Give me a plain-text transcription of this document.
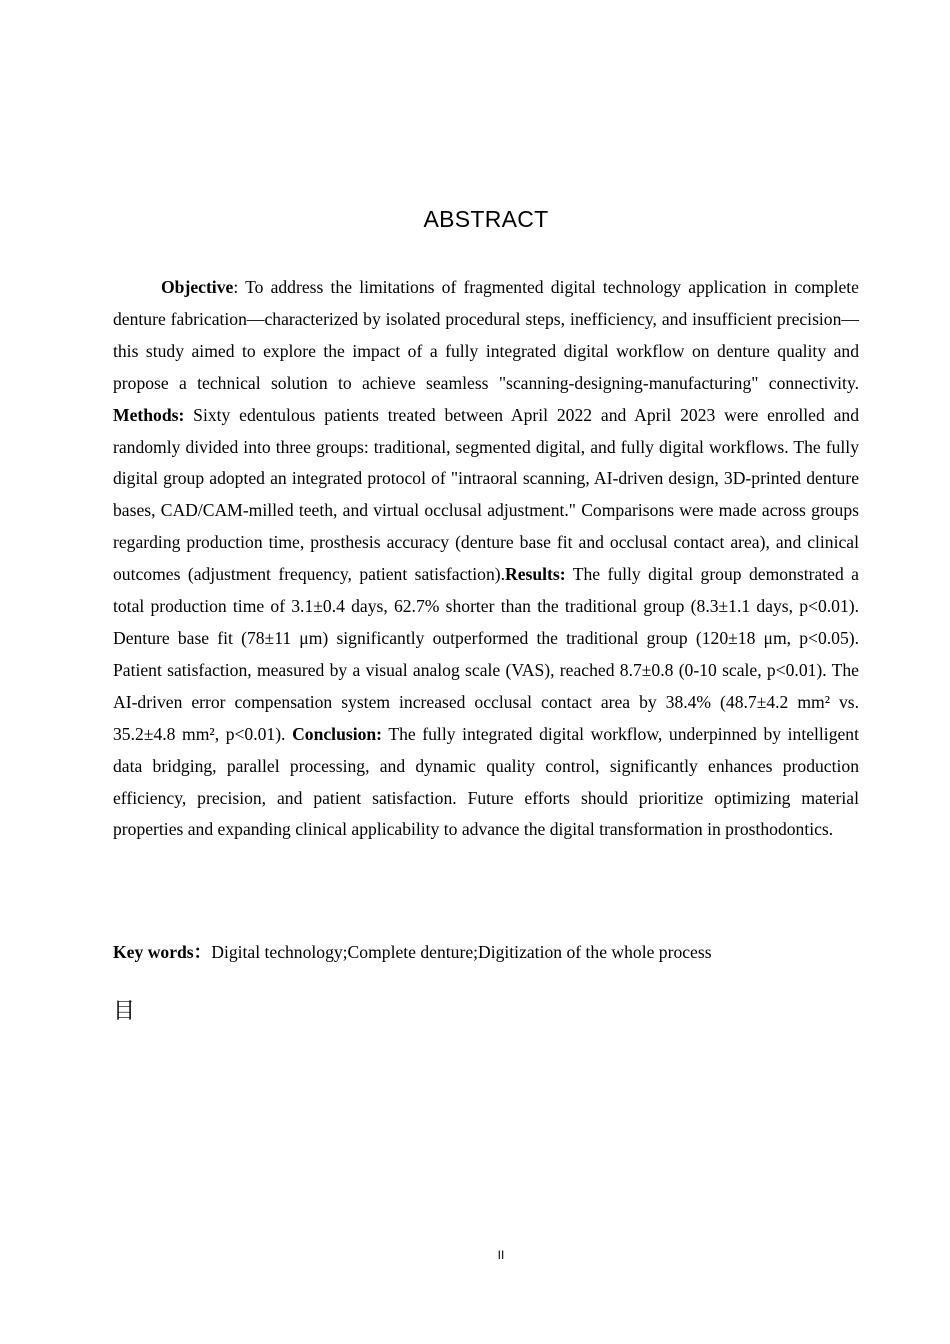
ABSTRACT

Objective: To address the limitations of fragmented digital technology application in complete denture fabrication—characterized by isolated procedural steps, inefficiency, and insufficient precision—this study aimed to explore the impact of a fully integrated digital workflow on denture quality and propose a technical solution to achieve seamless "scanning-designing-manufacturing" connectivity. Methods: Sixty edentulous patients treated between April 2022 and April 2023 were enrolled and randomly divided into three groups: traditional, segmented digital, and fully digital workflows. The fully digital group adopted an integrated protocol of "intraoral scanning, AI-driven design, 3D-printed denture bases, CAD/CAM-milled teeth, and virtual occlusal adjustment." Comparisons were made across groups regarding production time, prosthesis accuracy (denture base fit and occlusal contact area), and clinical outcomes (adjustment frequency, patient satisfaction).Results: The fully digital group demonstrated a total production time of 3.1±0.4 days, 62.7% shorter than the traditional group (8.3±1.1 days, p<0.01). Denture base fit (78±11 μm) significantly outperformed the traditional group (120±18 μm, p<0.05). Patient satisfaction, measured by a visual analog scale (VAS), reached 8.7±0.8 (0-10 scale, p<0.01). The AI-driven error compensation system increased occlusal contact area by 38.4% (48.7±4.2 mm² vs. 35.2±4.8 mm², p<0.01). Conclusion: The fully integrated digital workflow, underpinned by intelligent data bridging, parallel processing, and dynamic quality control, significantly enhances production efficiency, precision, and patient satisfaction. Future efforts should prioritize optimizing material properties and expanding clinical applicability to advance the digital transformation in prosthodontics.

Key words：Digital technology;Complete denture;Digitization of the whole process

目
II
